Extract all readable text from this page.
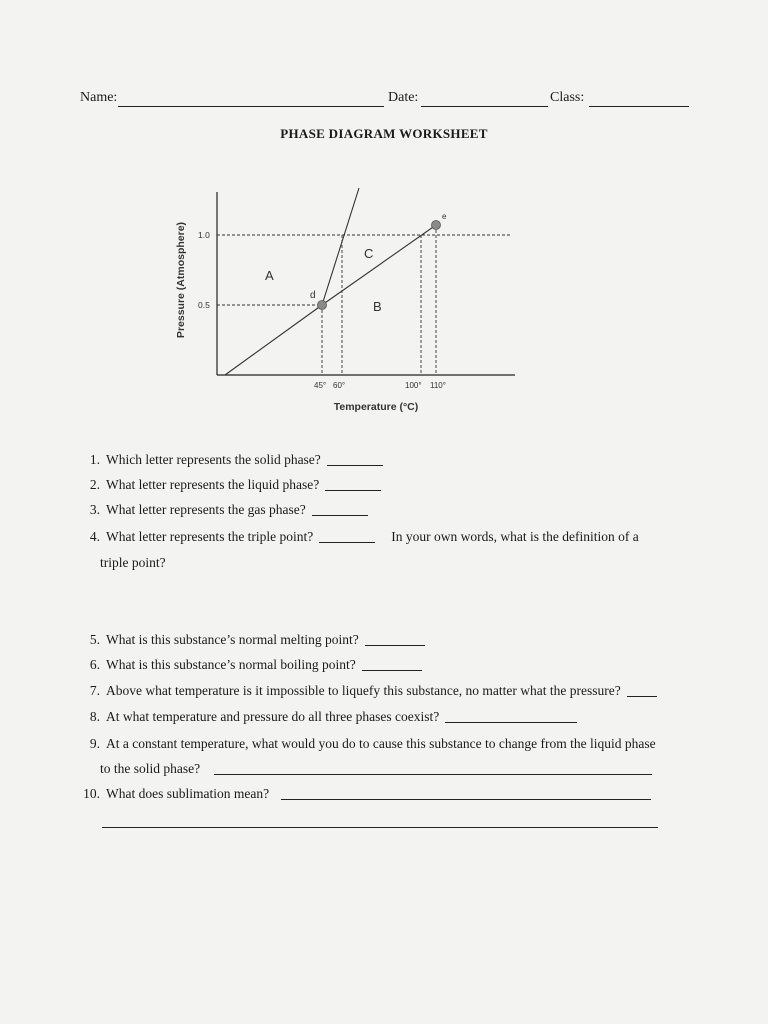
Name:	Date:	Class:
PHASE DIAGRAM WORKSHEET
d
e
A
B
C
1.0
0.5
45° 60°	100° 110°
Pressure (Atmosphere)
Temperature (°C)
1. Which letter represents the solid phase?
2. What letter represents the liquid phase?
3. What letter represents the gas phase?
4. What letter represents the triple point?	In your own words, what is the definition of a
triple point?
5. What is this substance’s normal melting point?
6. What is this substance’s normal boiling point?
7. Above what temperature is it impossible to liquefy this substance, no matter what the pressure?
8. At what temperature and pressure do all three phases coexist?
9. At a constant temperature, what would you do to cause this substance to change from the liquid phase
to the solid phase?
10. What does sublimation mean?
